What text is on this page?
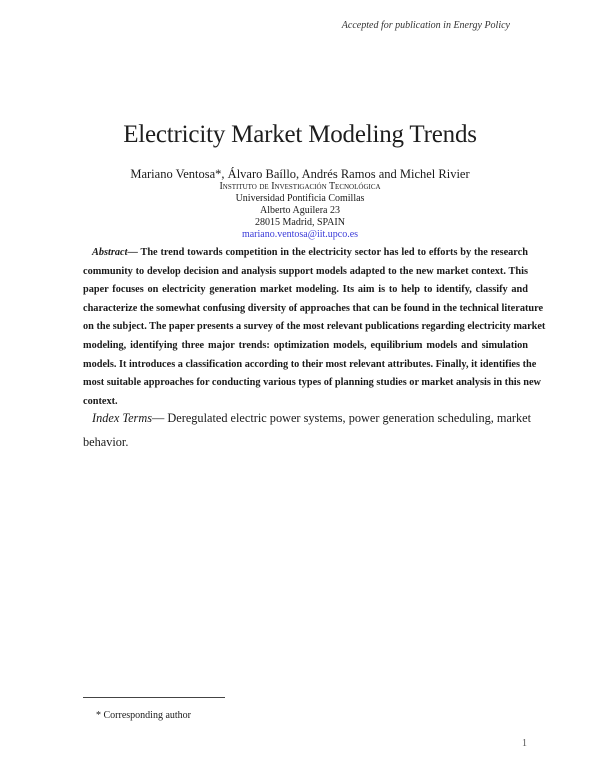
Accepted for publication in Energy Policy
Electricity Market Modeling Trends
Mariano Ventosa*, Álvaro Baíllo, Andrés Ramos and Michel Rivier
Instituto de Investigación Tecnológica
Universidad Pontificia Comillas
Alberto Aguilera 23
28015 Madrid, SPAIN
mariano.ventosa@iit.upco.es
Abstract— The trend towards competition in the electricity sector has led to efforts by the research
community to develop decision and analysis support models adapted to the new market context. This
paper focuses on electricity generation market modeling. Its aim is to help to identify, classify and
characterize the somewhat confusing diversity of approaches that can be found in the technical literature
on the subject. The paper presents a survey of the most relevant publications regarding electricity market
modeling, identifying three major trends: optimization models, equilibrium models and simulation
models. It introduces a classification according to their most relevant attributes. Finally, it identifies the
most suitable approaches for conducting various types of planning studies or market analysis in this new
context.
Index Terms— Deregulated electric power systems, power generation scheduling, market
behavior.
* Corresponding author
1
